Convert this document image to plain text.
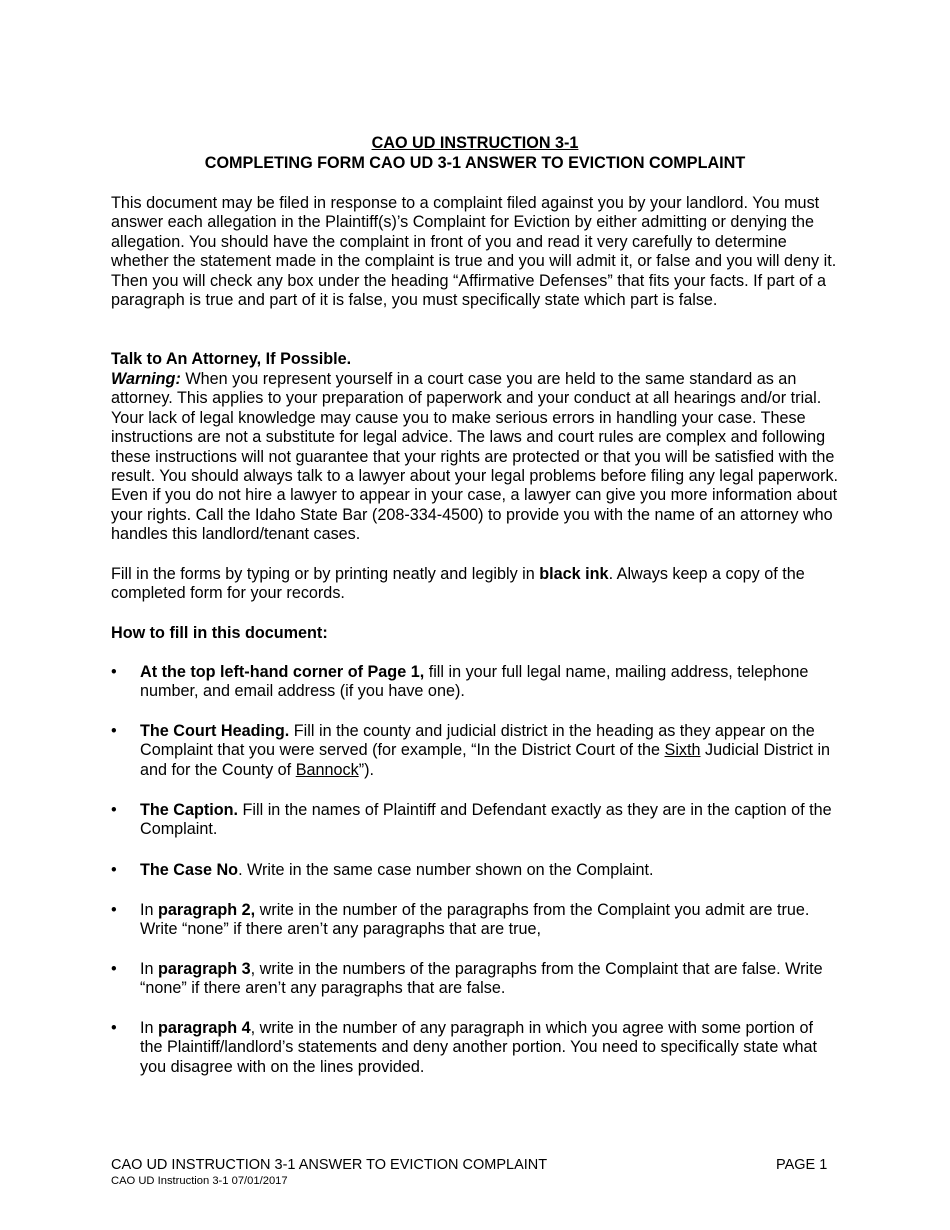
CAO UD INSTRUCTION 3-1
COMPLETING FORM CAO UD 3-1 ANSWER TO EVICTION COMPLAINT
This document may be filed in response to a complaint filed against you by your landlord. You must answer each allegation in the Plaintiff(s)’s Complaint for Eviction by either admitting or denying the allegation. You should have the complaint in front of you and read it very carefully to determine whether the statement made in the complaint is true and you will admit it, or false and you will deny it. Then you will check any box under the heading “Affirmative Defenses” that fits your facts. If part of a paragraph is true and part of it is false, you must specifically state which part is false.
Talk to An Attorney, If Possible.
Warning: When you represent yourself in a court case you are held to the same standard as an attorney. This applies to your preparation of paperwork and your conduct at all hearings and/or trial. Your lack of legal knowledge may cause you to make serious errors in handling your case. These instructions are not a substitute for legal advice. The laws and court rules are complex and following these instructions will not guarantee that your rights are protected or that you will be satisfied with the result. You should always talk to a lawyer about your legal problems before filing any legal paperwork. Even if you do not hire a lawyer to appear in your case, a lawyer can give you more information about your rights. Call the Idaho State Bar (208-334-4500) to provide you with the name of an attorney who handles this landlord/tenant cases.
Fill in the forms by typing or by printing neatly and legibly in black ink. Always keep a copy of the completed form for your records.
How to fill in this document:
•	At the top left-hand corner of Page 1, fill in your full legal name, mailing address, telephone number, and email address (if you have one).
•	The Court Heading. Fill in the county and judicial district in the heading as they appear on the Complaint that you were served (for example, “In the District Court of the Sixth Judicial District in and for the County of Bannock”).
•	The Caption. Fill in the names of Plaintiff and Defendant exactly as they are in the caption of the Complaint.
•	The Case No. Write in the same case number shown on the Complaint.
•	In paragraph 2, write in the number of the paragraphs from the Complaint you admit are true. Write “none” if there aren’t any paragraphs that are true,
•	In paragraph 3, write in the numbers of the paragraphs from the Complaint that are false. Write “none” if there aren’t any paragraphs that are false.
•	In paragraph 4, write in the number of any paragraph in which you agree with some portion of the Plaintiff/landlord’s statements and deny another portion. You need to specifically state what you disagree with on the lines provided.
CAO UD INSTRUCTION 3-1 ANSWER TO EVICTION COMPLAINT	PAGE 1
CAO UD Instruction 3-1 07/01/2017
